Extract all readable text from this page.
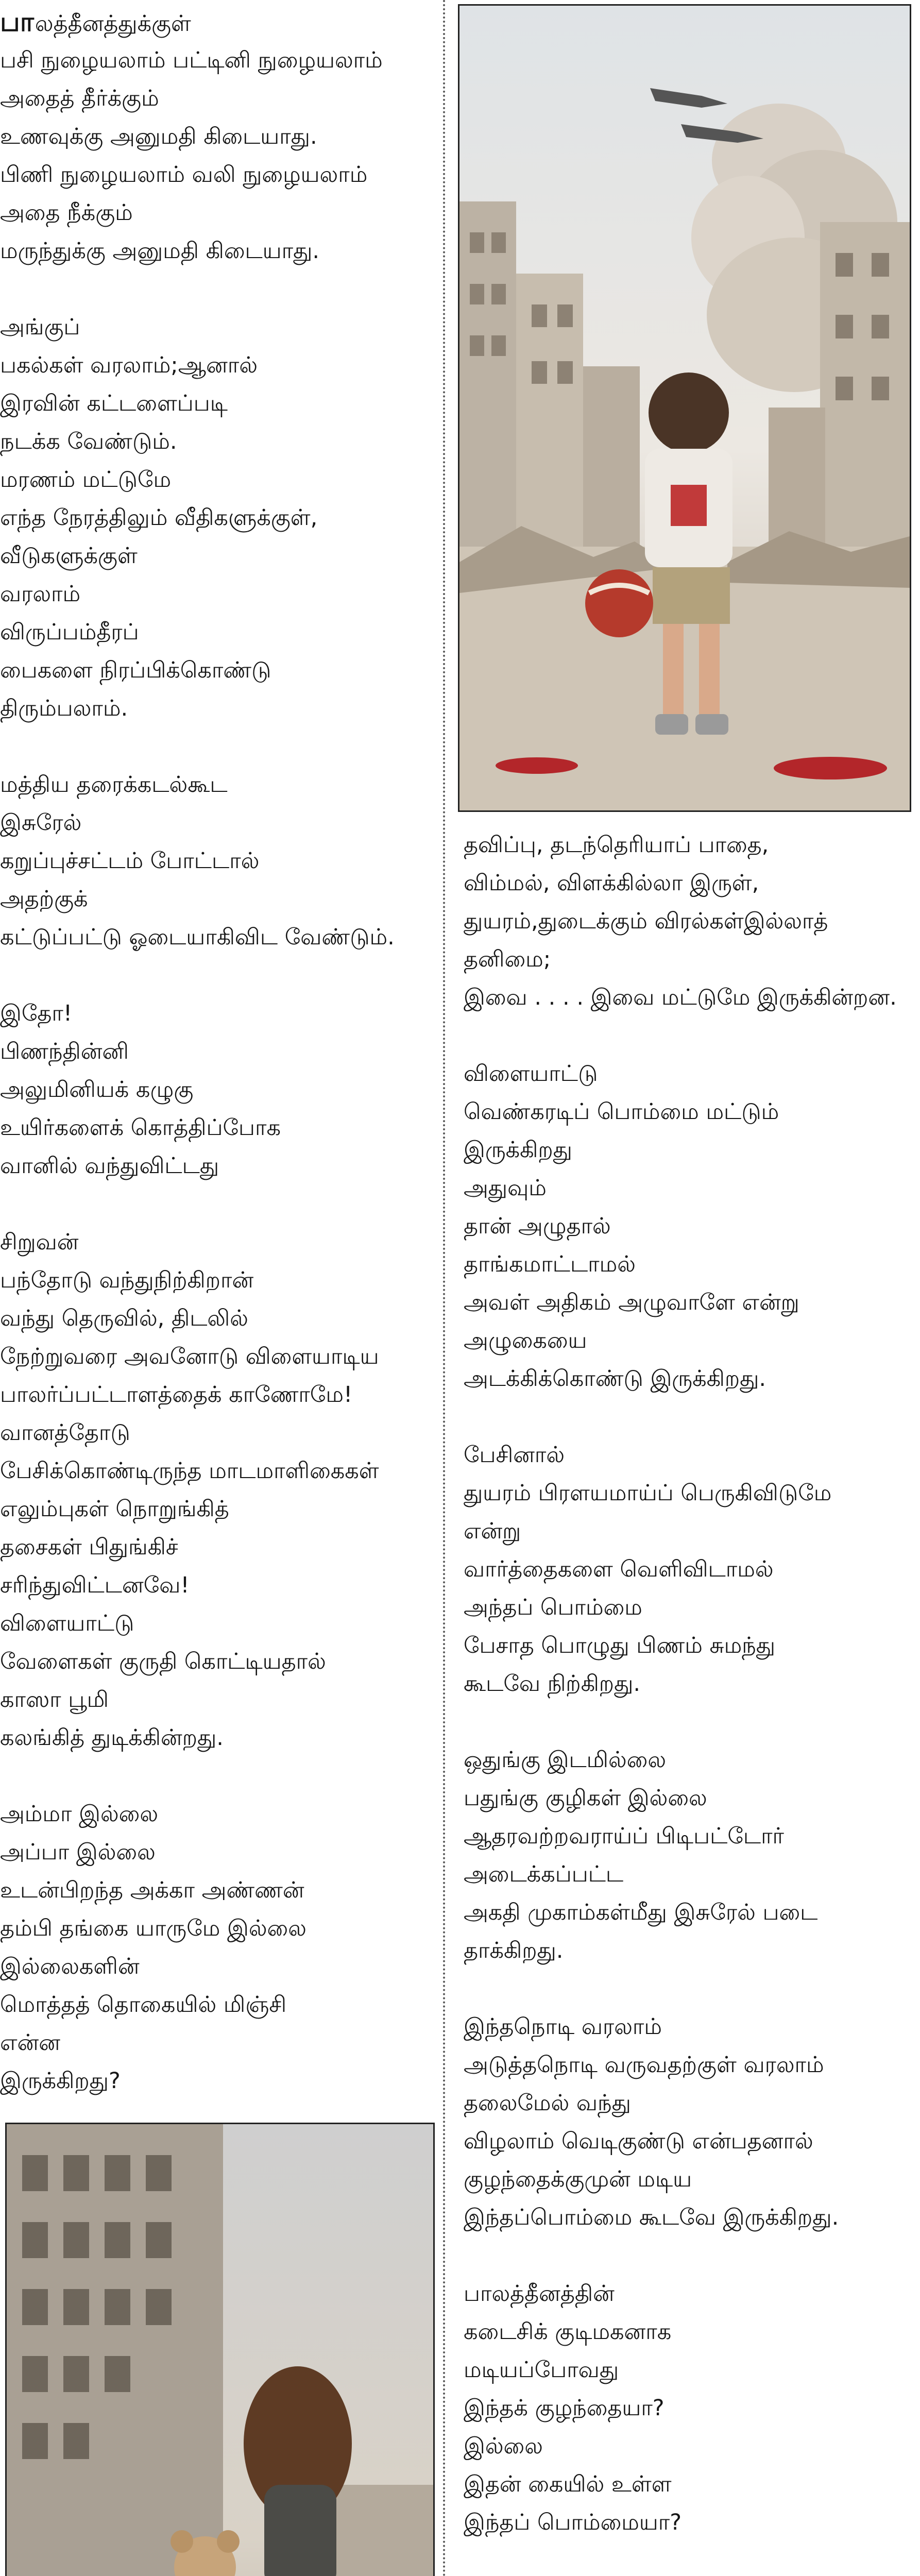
பாலத்தீனத்துக்குள்
பசி நுழையலாம் பட்டினி நுழையலாம்
அதைத் தீர்க்கும்
உணவுக்கு அனுமதி கிடையாது.
பிணி நுழையலாம் வலி நுழையலாம்
அதை நீக்கும்
மருந்துக்கு அனுமதி கிடையாது.
அங்குப்
பகல்கள் வரலாம்;ஆனால்
இரவின் கட்டளைப்படி
நடக்க வேண்டும்.
மரணம் மட்டுமே
எந்த நேரத்திலும் வீதிகளுக்குள்,
வீடுகளுக்குள்
வரலாம்
விருப்பம்தீரப்
பைகளை நிரப்பிக்கொண்டு
திரும்பலாம்.
மத்திய தரைக்கடல்கூட
இசுரேல்
கறுப்புச்சட்டம் போட்டால்
அதற்குக்
கட்டுப்பட்டு ஓடையாகிவிட வேண்டும்.
இதோ!
பிணந்தின்னி
அலுமினியக் கழுகு
உயிர்களைக் கொத்திப்போக
வானில் வந்துவிட்டது
சிறுவன்
பந்தோடு வந்துநிற்கிறான்
வந்து தெருவில், திடலில்
நேற்றுவரை அவனோடு விளையாடிய
பாலர்ப்பட்டாளத்தைக் காணோமே!
வானத்தோடு
பேசிக்கொண்டிருந்த மாடமாளிகைகள்
எலும்புகள் நொறுங்கித்
தசைகள் பிதுங்கிச்
சரிந்துவிட்டனவே!
விளையாட்டு
வேளைகள் குருதி கொட்டியதால்
காஸா பூமி
கலங்கித் துடிக்கின்றது.
அம்மா இல்லை
அப்பா இல்லை
உடன்பிறந்த அக்கா அண்ணன்
தம்பி தங்கை யாருமே இல்லை
இல்லைகளின்
மொத்தத் தொகையில் மிஞ்சி
என்ன
இருக்கிறது?
தவிப்பு, தடந்தெரியாப் பாதை,
விம்மல், விளக்கில்லா இருள்,
துயரம்,துடைக்கும் விரல்கள்இல்லாத்
தனிமை;
இவை . . . . இவை மட்டுமே இருக்கின்றன.
விளையாட்டு
வெண்கரடிப் பொம்மை மட்டும்
இருக்கிறது
அதுவும்
தான் அழுதால்
தாங்கமாட்டாமல்
அவள் அதிகம் அழுவாளே என்று
அழுகையை
அடக்கிக்கொண்டு இருக்கிறது.
பேசினால்
துயரம் பிரளயமாய்ப் பெருகிவிடுமே
என்று
வார்த்தைகளை வெளிவிடாமல்
அந்தப் பொம்மை
பேசாத பொழுது பிணம் சுமந்து
கூடவே நிற்கிறது.
ஒதுங்கு இடமில்லை
பதுங்கு குழிகள் இல்லை
ஆதரவற்றவராய்ப் பிடிபட்டோர்
அடைக்கப்பட்ட
அகதி முகாம்கள்மீது இசுரேல் படை
தாக்கிறது.
இந்தநொடி வரலாம்
அடுத்தநொடி வருவதற்குள் வரலாம்
தலைமேல் வந்து
விழலாம் வெடிகுண்டு என்பதனால்
குழந்தைக்குமுன் மடிய
இந்தப்பொம்மை கூடவே இருக்கிறது.
பாலத்தீனத்தின்
கடைசிக் குடிமகனாக
மடியப்போவது
இந்தக் குழந்தையா?
இல்லை
இதன் கையில் உள்ள
இந்தப் பொம்மையா?
